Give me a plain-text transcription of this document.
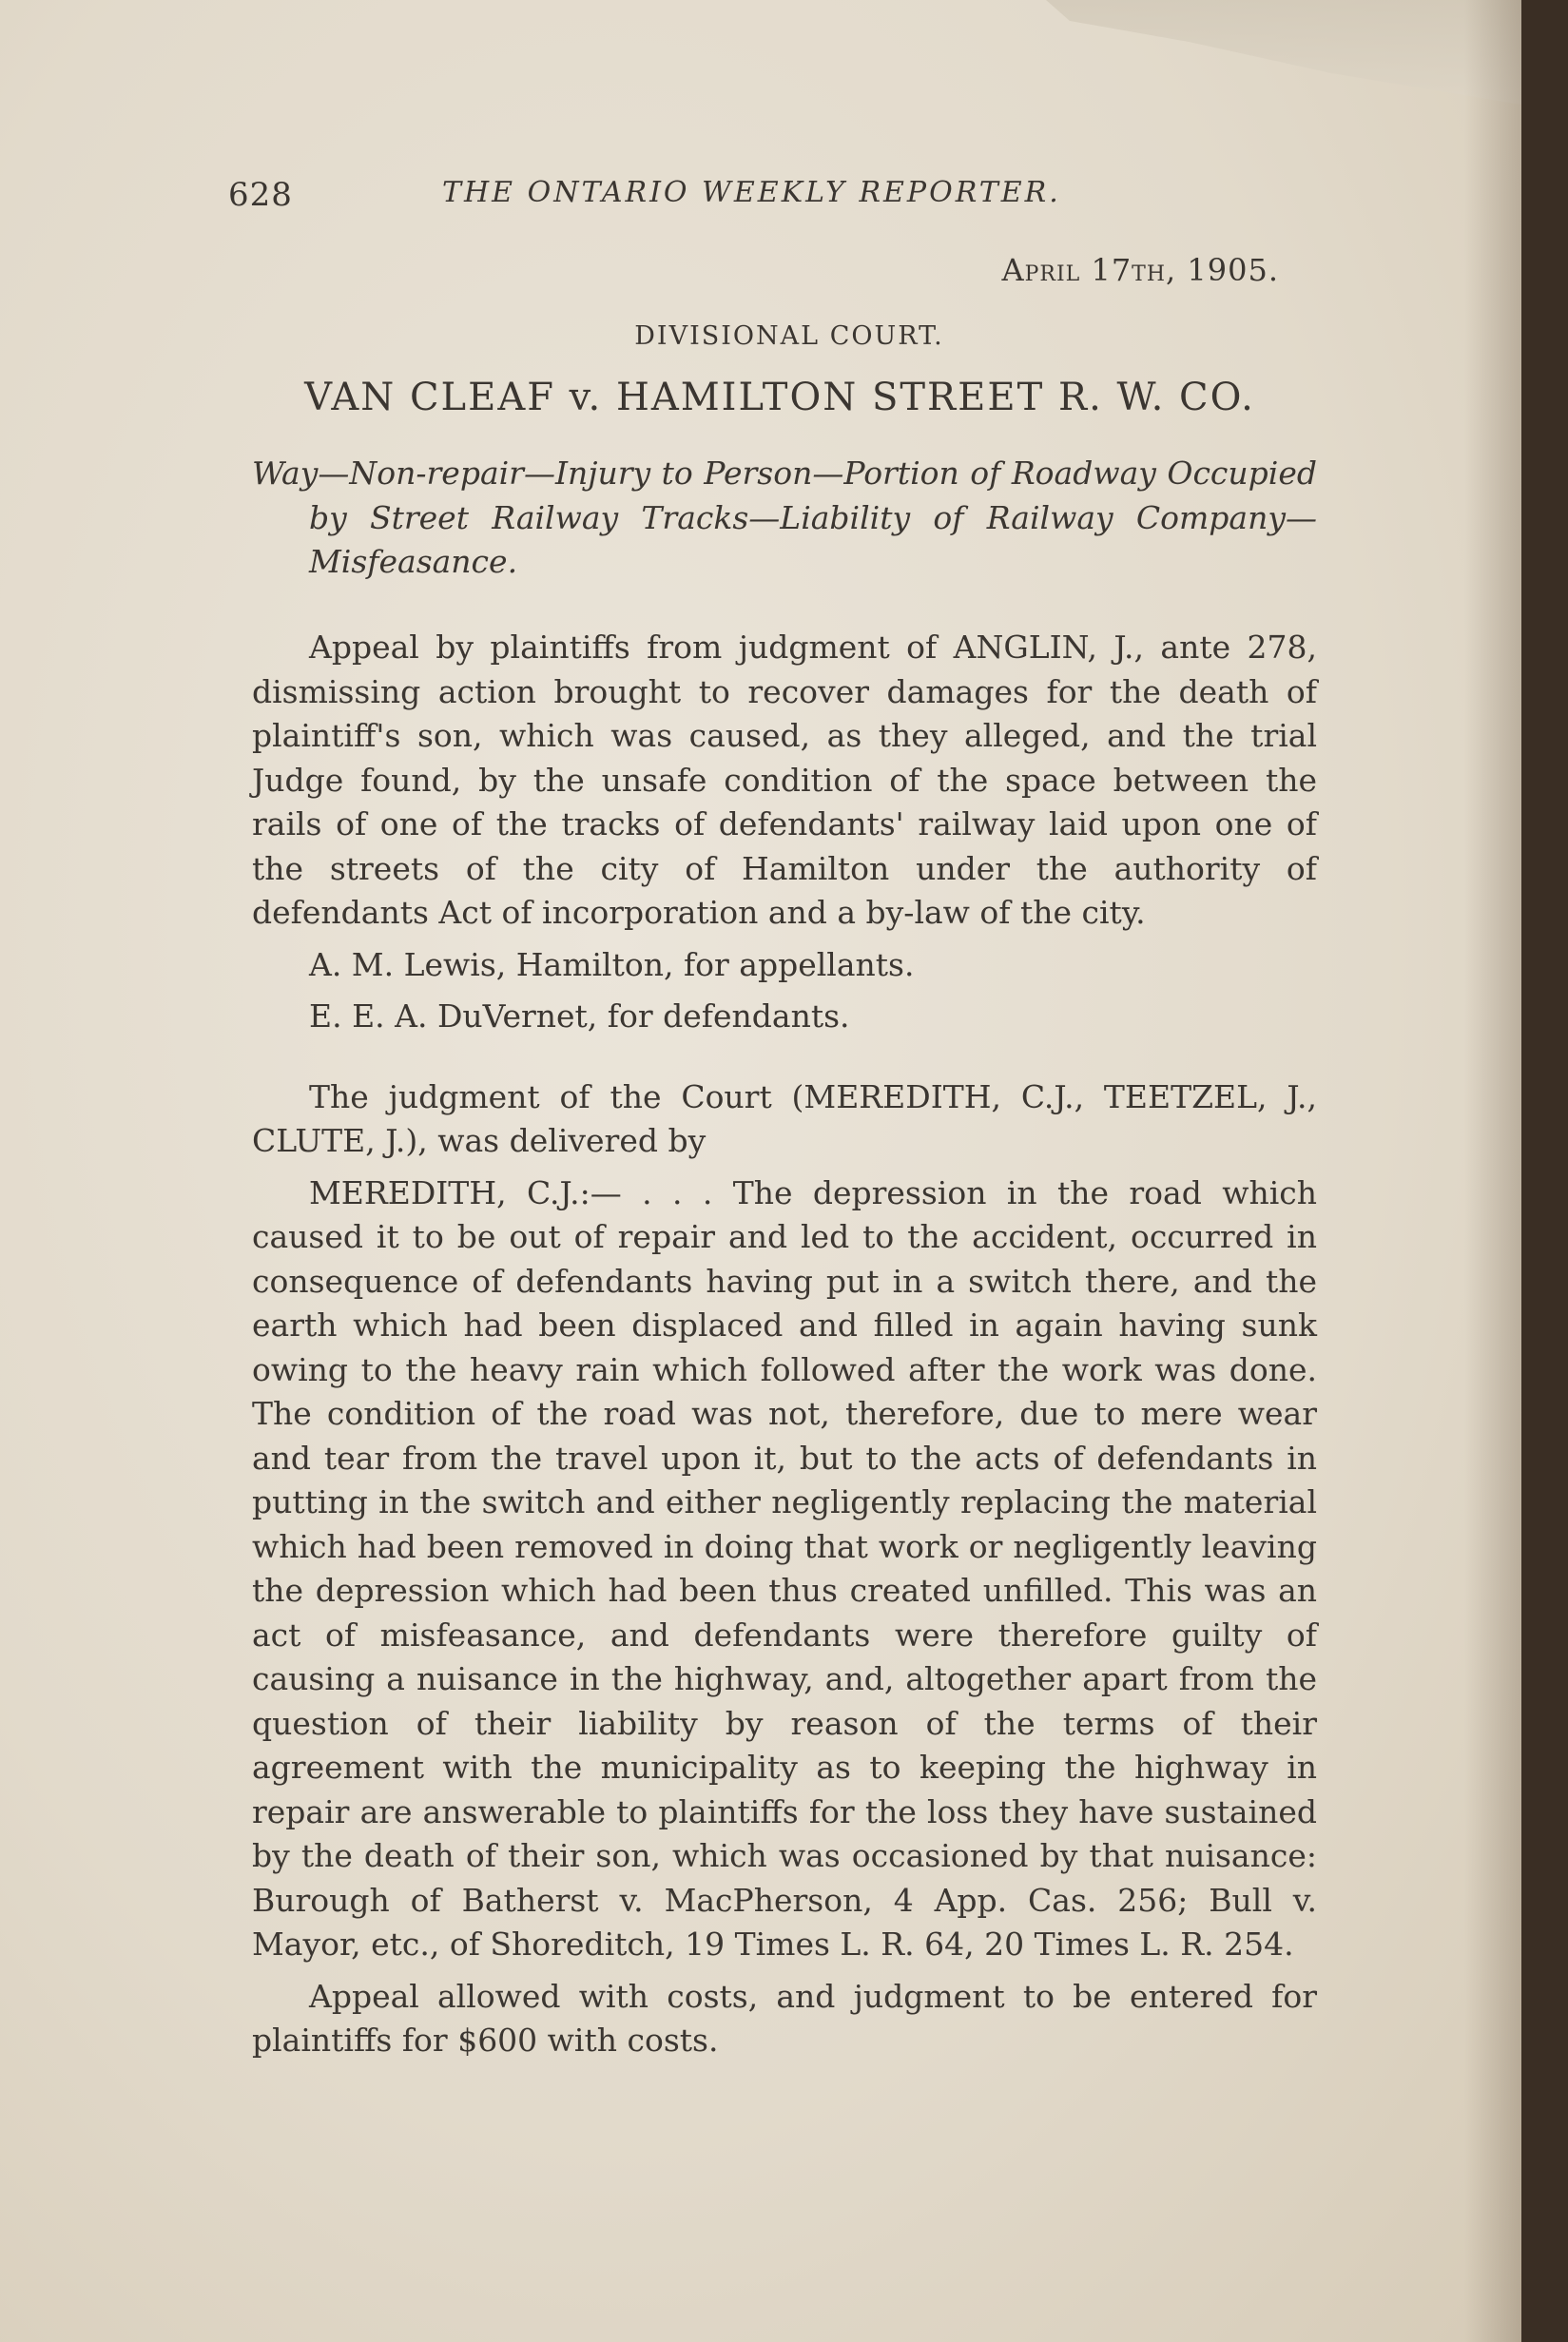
628	THE ONTARIO WEEKLY REPORTER.
April 17th, 1905.
DIVISIONAL COURT.
VAN CLEAF v. HAMILTON STREET R. W. CO.

Way—Non-repair—Injury to Person—Portion of Roadway Occupied by Street Railway Tracks—Liability of Railway Company—Misfeasance.

Appeal by plaintiffs from judgment of ANGLIN, J., ante 278, dismissing action brought to recover damages for the death of plaintiff's son, which was caused, as they alleged, and the trial Judge found, by the unsafe condition of the space between the rails of one of the tracks of defendants' railway laid upon one of the streets of the city of Hamilton under the authority of defendants Act of incorporation and a by-law of the city.

A. M. Lewis, Hamilton, for appellants.

E. E. A. DuVernet, for defendants.

The judgment of the Court (MEREDITH, C.J., TEETZEL, J., CLUTE, J.), was delivered by

MEREDITH, C.J.:— . . . The depression in the road which caused it to be out of repair and led to the accident, occurred in consequence of defendants having put in a switch there, and the earth which had been displaced and filled in again having sunk owing to the heavy rain which followed after the work was done. The condition of the road was not, therefore, due to mere wear and tear from the travel upon it, but to the acts of defendants in putting in the switch and either negligently replacing the material which had been removed in doing that work or negligently leaving the depression which had been thus created unfilled. This was an act of misfeasance, and defendants were therefore guilty of causing a nuisance in the highway, and, altogether apart from the question of their liability by reason of the terms of their agreement with the municipality as to keeping the highway in repair are answerable to plaintiffs for the loss they have sustained by the death of their son, which was occasioned by that nuisance: Burough of Batherst v. MacPherson, 4 App. Cas. 256; Bull v. Mayor, etc., of Shoreditch, 19 Times L. R. 64, 20 Times L. R. 254.

Appeal allowed with costs, and judgment to be entered for plaintiffs for $600 with costs.
